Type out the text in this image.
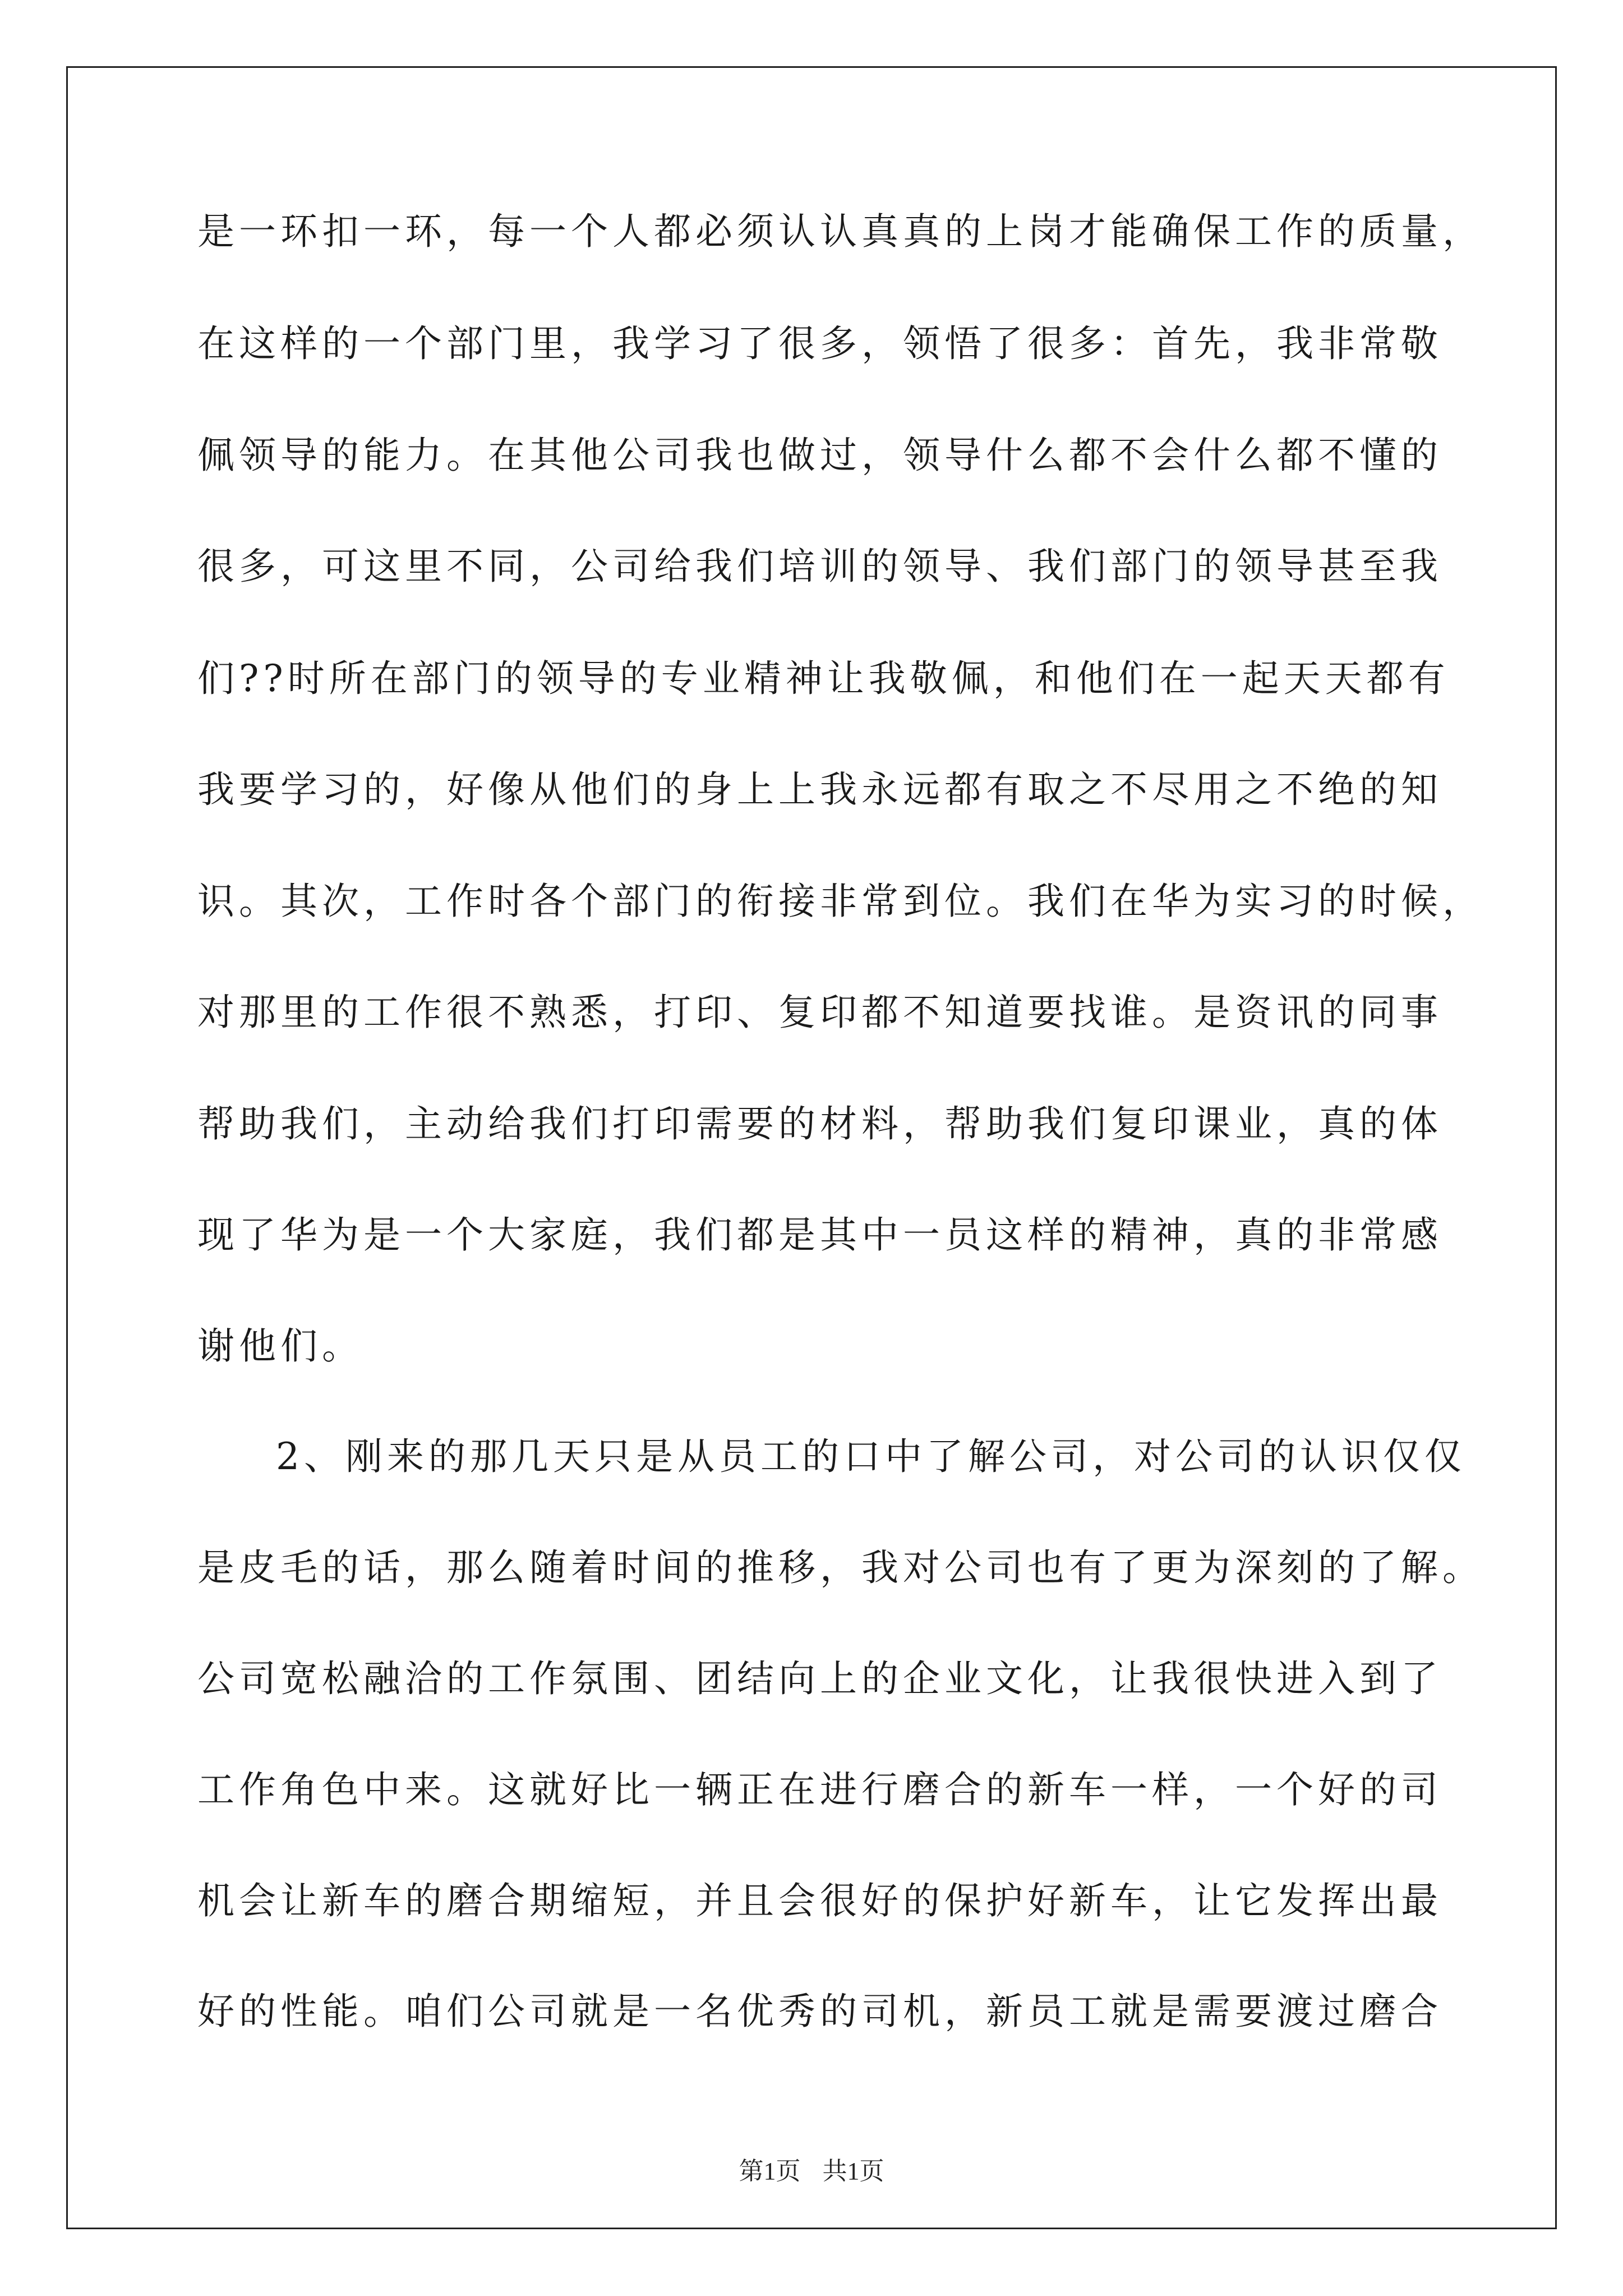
是一环扣一环，每一个人都必须认认真真的上岗才能确保工作的质量，
在这样的一个部门里，我学习了很多，领悟了很多：首先，我非常敬
佩领导的能力。在其他公司我也做过，领导什么都不会什么都不懂的
很多，可这里不同，公司给我们培训的领导、我们部门的领导甚至我
们??时所在部门的领导的专业精神让我敬佩，和他们在一起天天都有
我要学习的，好像从他们的身上上我永远都有取之不尽用之不绝的知
识。其次，工作时各个部门的衔接非常到位。我们在华为实习的时候，
对那里的工作很不熟悉，打印、复印都不知道要找谁。是资讯的同事
帮助我们，主动给我们打印需要的材料，帮助我们复印课业，真的体
现了华为是一个大家庭，我们都是其中一员这样的精神，真的非常感
谢他们。
2、刚来的那几天只是从员工的口中了解公司，对公司的认识仅仅
是皮毛的话，那么随着时间的推移，我对公司也有了更为深刻的了解。
公司宽松融洽的工作氛围、团结向上的企业文化，让我很快进入到了
工作角色中来。这就好比一辆正在进行磨合的新车一样，一个好的司
机会让新车的磨合期缩短，并且会很好的保护好新车，让它发挥出最
好的性能。咱们公司就是一名优秀的司机，新员工就是需要渡过磨合
第1页 共1页
